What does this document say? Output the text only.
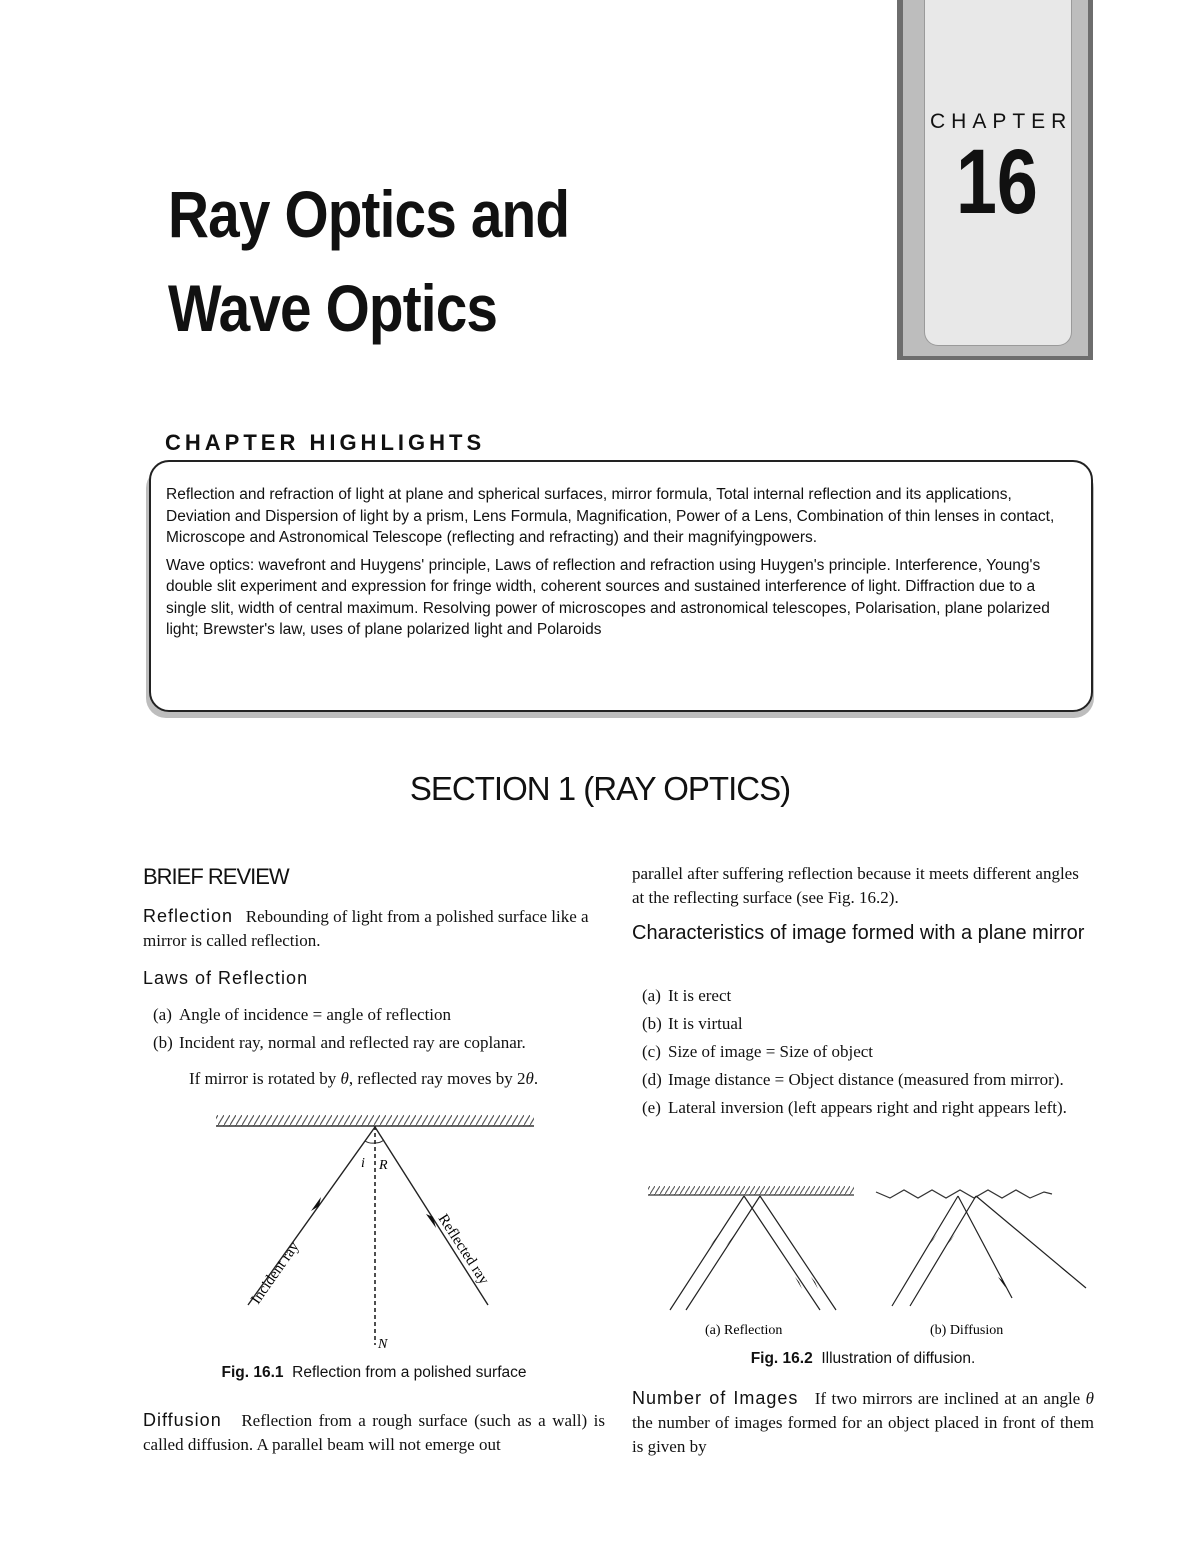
Ray Optics and
Wave Optics
CHAPTER
16
CHAPTER HIGHLIGHTS

Reflection and refraction of light at plane and spherical surfaces, mirror formula, Total internal reflection and its applications, Deviation and Dispersion of light by a prism, Lens Formula, Magnification, Power of a Lens, Combination of thin lenses in contact, Microscope and Astronomical Telescope (reflecting and refracting) and their magnifyingpowers.

Wave optics: wavefront and Huygens' principle, Laws of reflection and refraction using Huygen's principle. Interference, Young's double slit experiment and expression for fringe width, coherent sources and sustained interference of light. Diffraction due to a single slit, width of central maximum. Resolving power of microscopes and astronomical telescopes, Polarisation, plane polarized light; Brewster's law, uses of plane polarized light and Polaroids

SECTION 1 (RAY OPTICS)
BRIEF REVIEW
Reflection Rebounding of light from a polished surface like a mirror is called reflection.
Laws of Reflection
(a) Angle of incidence = angle of reflection
(b) Incident ray, normal and reflected ray are coplanar.
If mirror is rotated by θ, reflected ray moves by 2θ.
i R
N
Incident ray	Reflected ray
Fig. 16.1 Reflection from a polished surface
Diffusion Reflection from a rough surface (such as a wall) is called diffusion. A parallel beam will not emerge out
parallel after suffering reflection because it meets different angles at the reflecting surface (see Fig. 16.2).
Characteristics of image formed with a plane mirror
(a) It is erect
(b) It is virtual
(c) Size of image = Size of object
(d) Image distance = Object distance (measured from mirror).
(e) Lateral inversion (left appears right and right appears left).
(a) Reflection	(b) Diffusion
Fig. 16.2 Illustration of diffusion.
Number of Images If two mirrors are inclined at an angle θ the number of images formed for an object placed in front of them is given by
